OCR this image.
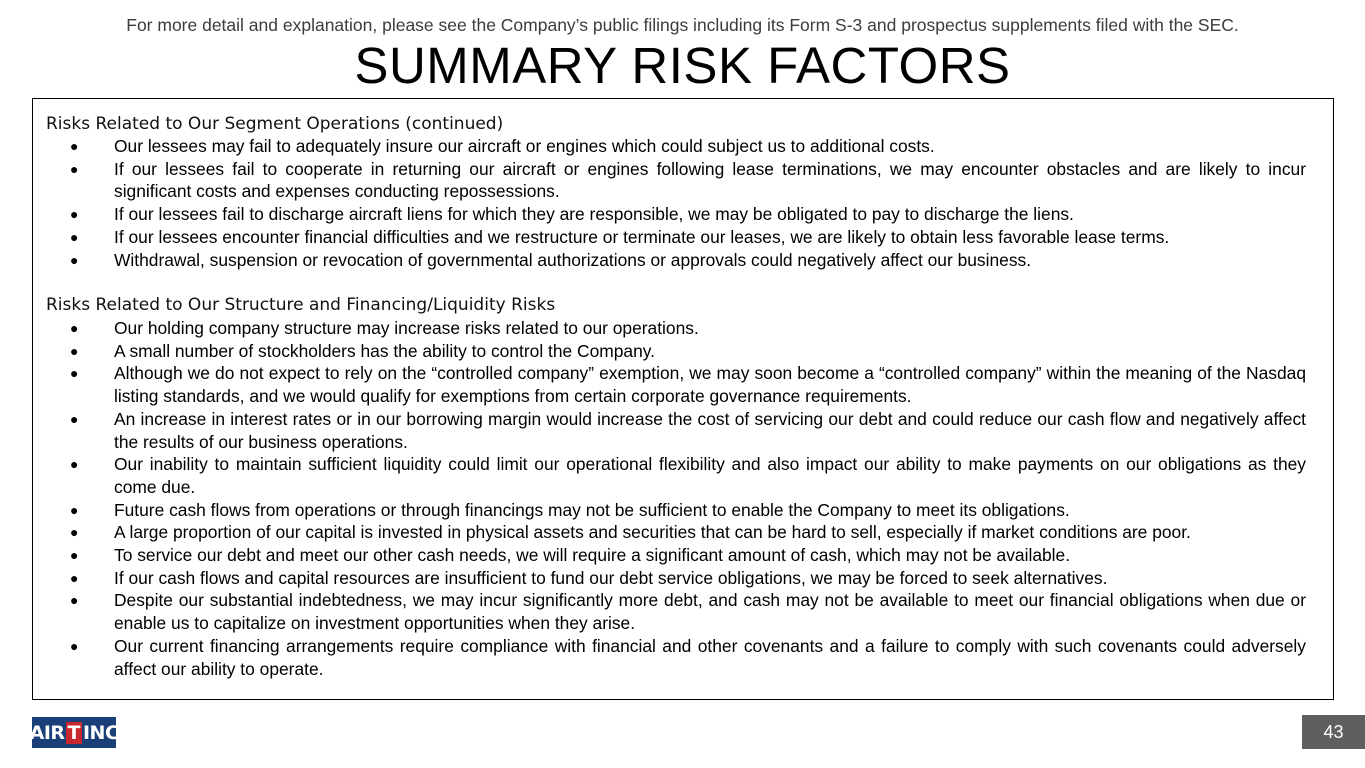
For more detail and explanation, please see the Company’s public filings including its Form S-3 and prospectus supplements filed with the SEC.
SUMMARY RISK FACTORS
Risks Related to Our Segment Operations (continued)
● Our lessees may fail to adequately insure our aircraft or engines which could subject us to additional costs.
● If our lessees fail to cooperate in returning our aircraft or engines following lease terminations, we may encounter obstacles and are likely to incur significant costs and expenses conducting repossessions.
● If our lessees fail to discharge aircraft liens for which they are responsible, we may be obligated to pay to discharge the liens.
● If our lessees encounter financial difficulties and we restructure or terminate our leases, we are likely to obtain less favorable lease terms.
● Withdrawal, suspension or revocation of governmental authorizations or approvals could negatively affect our business.
Risks Related to Our Structure and Financing/Liquidity Risks
● Our holding company structure may increase risks related to our operations.
● A small number of stockholders has the ability to control the Company.
● Although we do not expect to rely on the “controlled company” exemption, we may soon become a “controlled company” within the meaning of the Nasdaq listing standards, and we would qualify for exemptions from certain corporate governance requirements.
● An increase in interest rates or in our borrowing margin would increase the cost of servicing our debt and could reduce our cash flow and negatively affect the results of our business operations.
● Our inability to maintain sufficient liquidity could limit our operational flexibility and also impact our ability to make payments on our obligations as they come due.
● Future cash flows from operations or through financings may not be sufficient to enable the Company to meet its obligations.
● A large proportion of our capital is invested in physical assets and securities that can be hard to sell, especially if market conditions are poor.
● To service our debt and meet our other cash needs, we will require a significant amount of cash, which may not be available.
● If our cash flows and capital resources are insufficient to fund our debt service obligations, we may be forced to seek alternatives.
● Despite our substantial indebtedness, we may incur significantly more debt, and cash may not be available to meet our financial obligations when due or enable us to capitalize on investment opportunities when they arise.
● Our current financing arrangements require compliance with financial and other covenants and a failure to comply with such covenants could adversely affect our ability to operate.
AIR T INC	43
